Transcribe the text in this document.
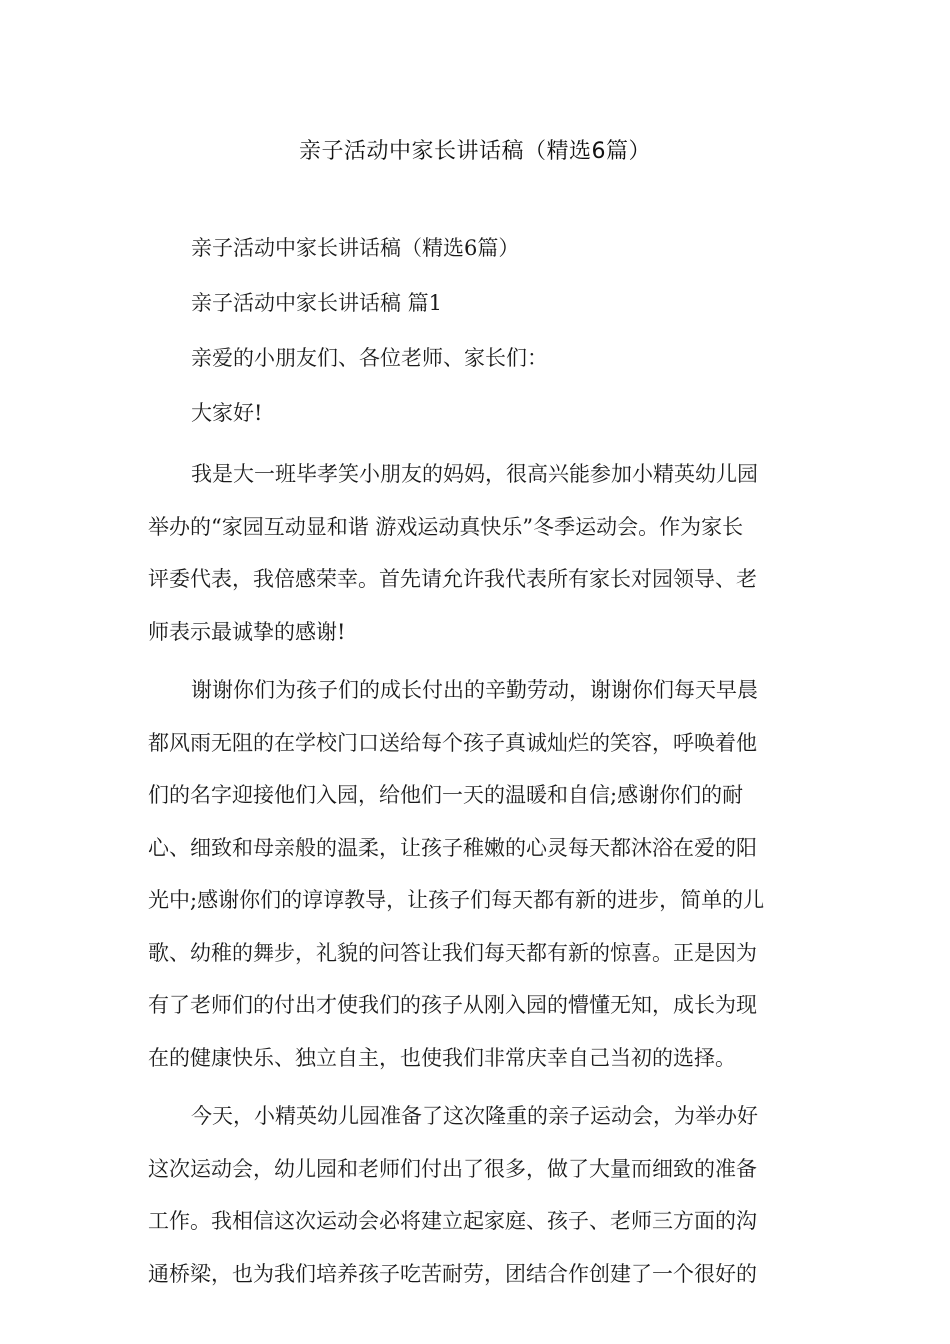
亲子活动中家长讲话稿（精选6篇）

亲子活动中家长讲话稿（精选6篇）

亲子活动中家长讲话稿 篇1

亲爱的小朋友们、各位老师、家长们：

大家好!

我是大一班毕孝笑小朋友的妈妈，很高兴能参加小精英幼儿园
举办的“家园互动显和谐 游戏运动真快乐”冬季运动会。作为家长
评委代表，我倍感荣幸。首先请允许我代表所有家长对园领导、老
师表示最诚挚的感谢!
谢谢你们为孩子们的成长付出的辛勤劳动，谢谢你们每天早晨
都风雨无阻的在学校门口送给每个孩子真诚灿烂的笑容，呼唤着他
们的名字迎接他们入园，给他们一天的温暖和自信;感谢你们的耐
心、细致和母亲般的温柔，让孩子稚嫩的心灵每天都沐浴在爱的阳
光中;感谢你们的谆谆教导，让孩子们每天都有新的进步，简单的儿
歌、幼稚的舞步，礼貌的问答让我们每天都有新的惊喜。正是因为
有了老师们的付出才使我们的孩子从刚入园的懵懂无知，成长为现
在的健康快乐、独立自主，也使我们非常庆幸自己当初的选择。
今天，小精英幼儿园准备了这次隆重的亲子运动会，为举办好
这次运动会，幼儿园和老师们付出了很多，做了大量而细致的准备
工作。我相信这次运动会必将建立起家庭、孩子、老师三方面的沟
通桥梁，也为我们培养孩子吃苦耐劳，团结合作创建了一个很好的
